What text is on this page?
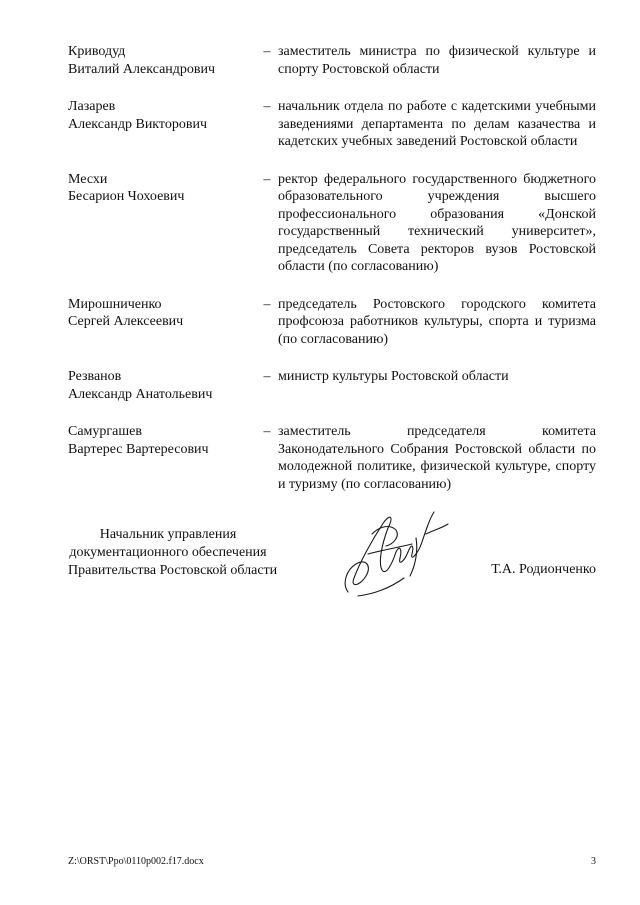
Криводуд
Виталий Александрович
– заместитель министра по физической культуре и спорту Ростовской области
Лазарев
Александр Викторович
– начальник отдела по работе с кадетскими учебными заведениями департамента по делам казачества и кадетских учебных заведений Ростовской области
Месхи
Бесарион Чохоевич
– ректор федерального государственного бюджетного образовательного учреждения высшего профессионального образования «Донской государственный технический университет», председатель Совета ректоров вузов Ростовской области (по согласованию)
Мирошниченко
Сергей Алексеевич
– председатель Ростовского городского комитета профсоюза работников культуры, спорта и туризма (по согласованию)
Резванов
Александр Анатольевич
– министр культуры Ростовской области
Самургашев
Вартерес Вартересович
– заместитель председателя комитета Законодательного Собрания Ростовской области по молодежной политике, физической культуре, спорту и туризму (по согласованию)
Начальник управления
документационного обеспечения
Правительства Ростовской области	Т.А. Родионченко
Z:\ORST\Ppo\0110p002.f17.docx	3
